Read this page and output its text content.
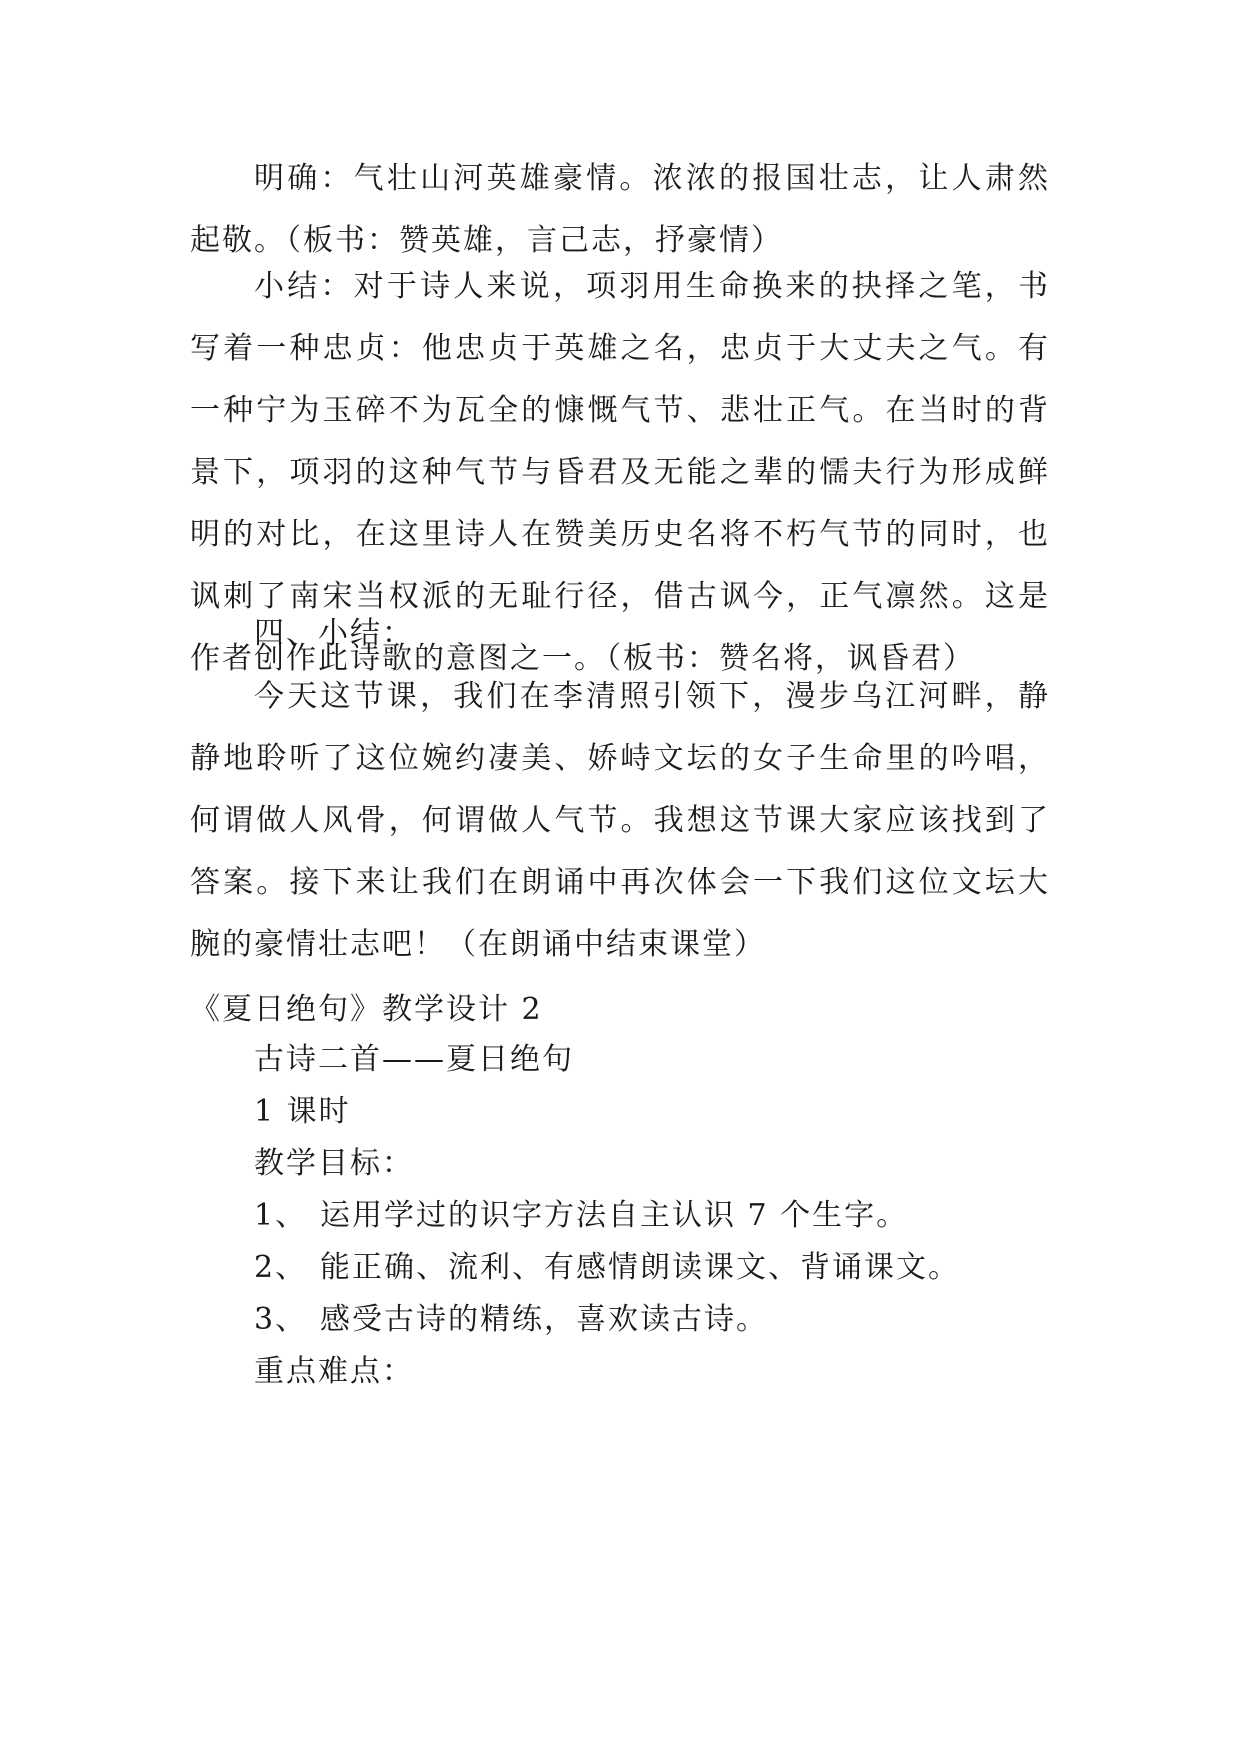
明确：气壮山河英雄豪情。浓浓的报国壮志，让人肃然起敬。（板书：赞英雄，言己志，抒豪情）

小结：对于诗人来说，项羽用生命换来的抉择之笔，书写着一种忠贞：他忠贞于英雄之名，忠贞于大丈夫之气。有一种宁为玉碎不为瓦全的慷慨气节、悲壮正气。在当时的背景下，项羽的这种气节与昏君及无能之辈的懦夫行为形成鲜明的对比，在这里诗人在赞美历史名将不朽气节的同时，也讽刺了南宋当权派的无耻行径，借古讽今，正气凛然。这是作者创作此诗歌的意图之一。（板书：赞名将，讽昏君）

四、小结：

今天这节课，我们在李清照引领下，漫步乌江河畔，静静地聆听了这位婉约凄美、娇峙文坛的女子生命里的吟唱，何谓做人风骨，何谓做人气节。我想这节课大家应该找到了答案。接下来让我们在朗诵中再次体会一下我们这位文坛大腕的豪情壮志吧！（在朗诵中结束课堂）

《夏日绝句》教学设计 2

古诗二首——夏日绝句

1 课时

教学目标：

1、 运用学过的识字方法自主认识 7 个生字。
2、 能正确、流利、有感情朗读课文、背诵课文。
3、 感受古诗的精练，喜欢读古诗。

重点难点：
